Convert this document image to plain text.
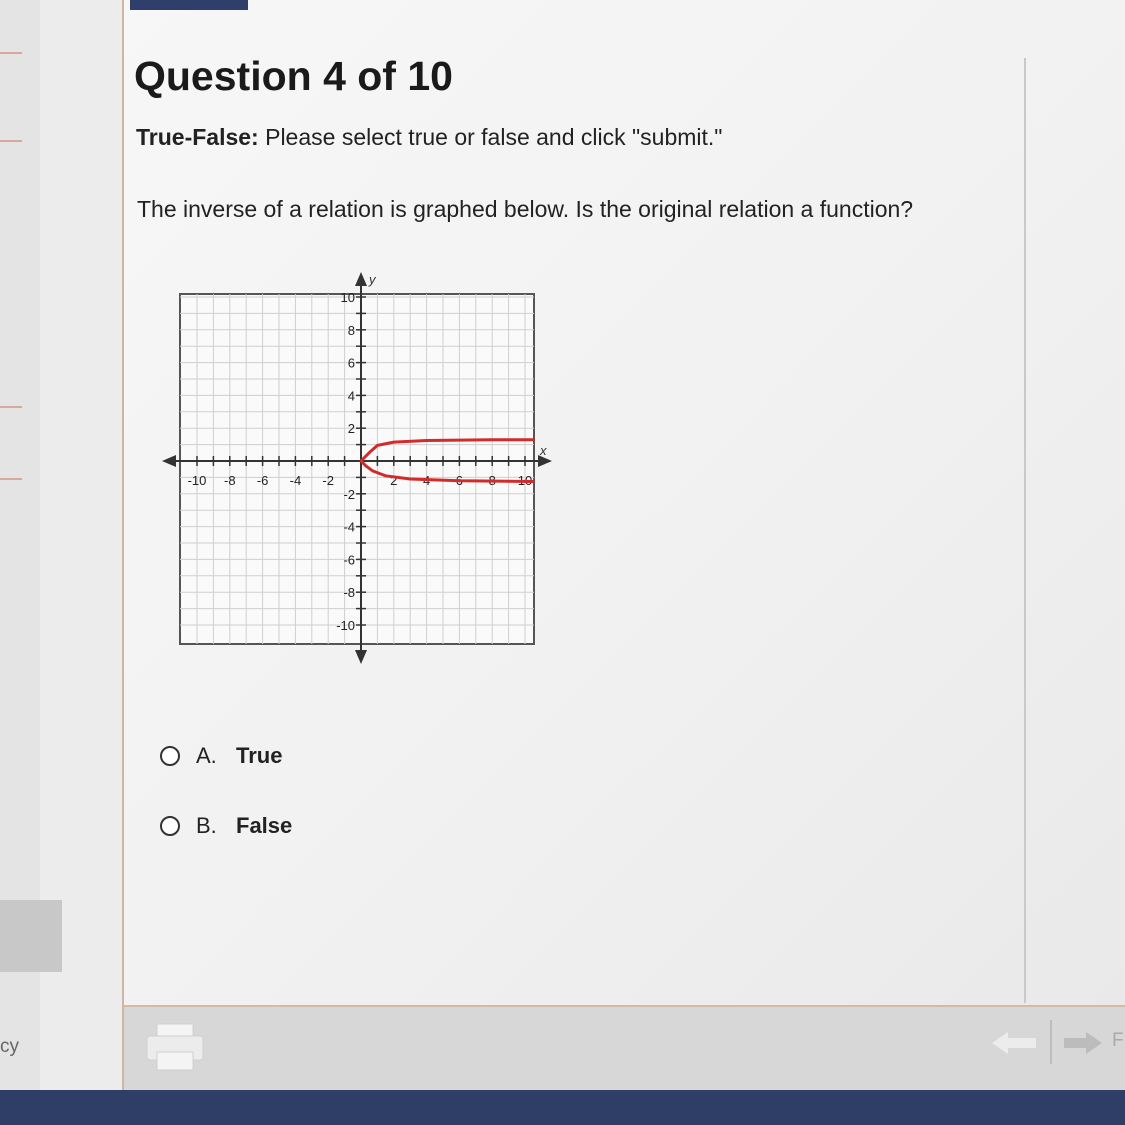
cy
Question 4 of 10
True-False: Please select true or false and click "submit."
The inverse of a relation is graphed below. Is the original relation a function?
x
y
-10 -8 -6 -4 -2	2 4 6 8 10
10
8
6
4
2
-2
-4
-6
-8
-10
A. True
B. False
F
